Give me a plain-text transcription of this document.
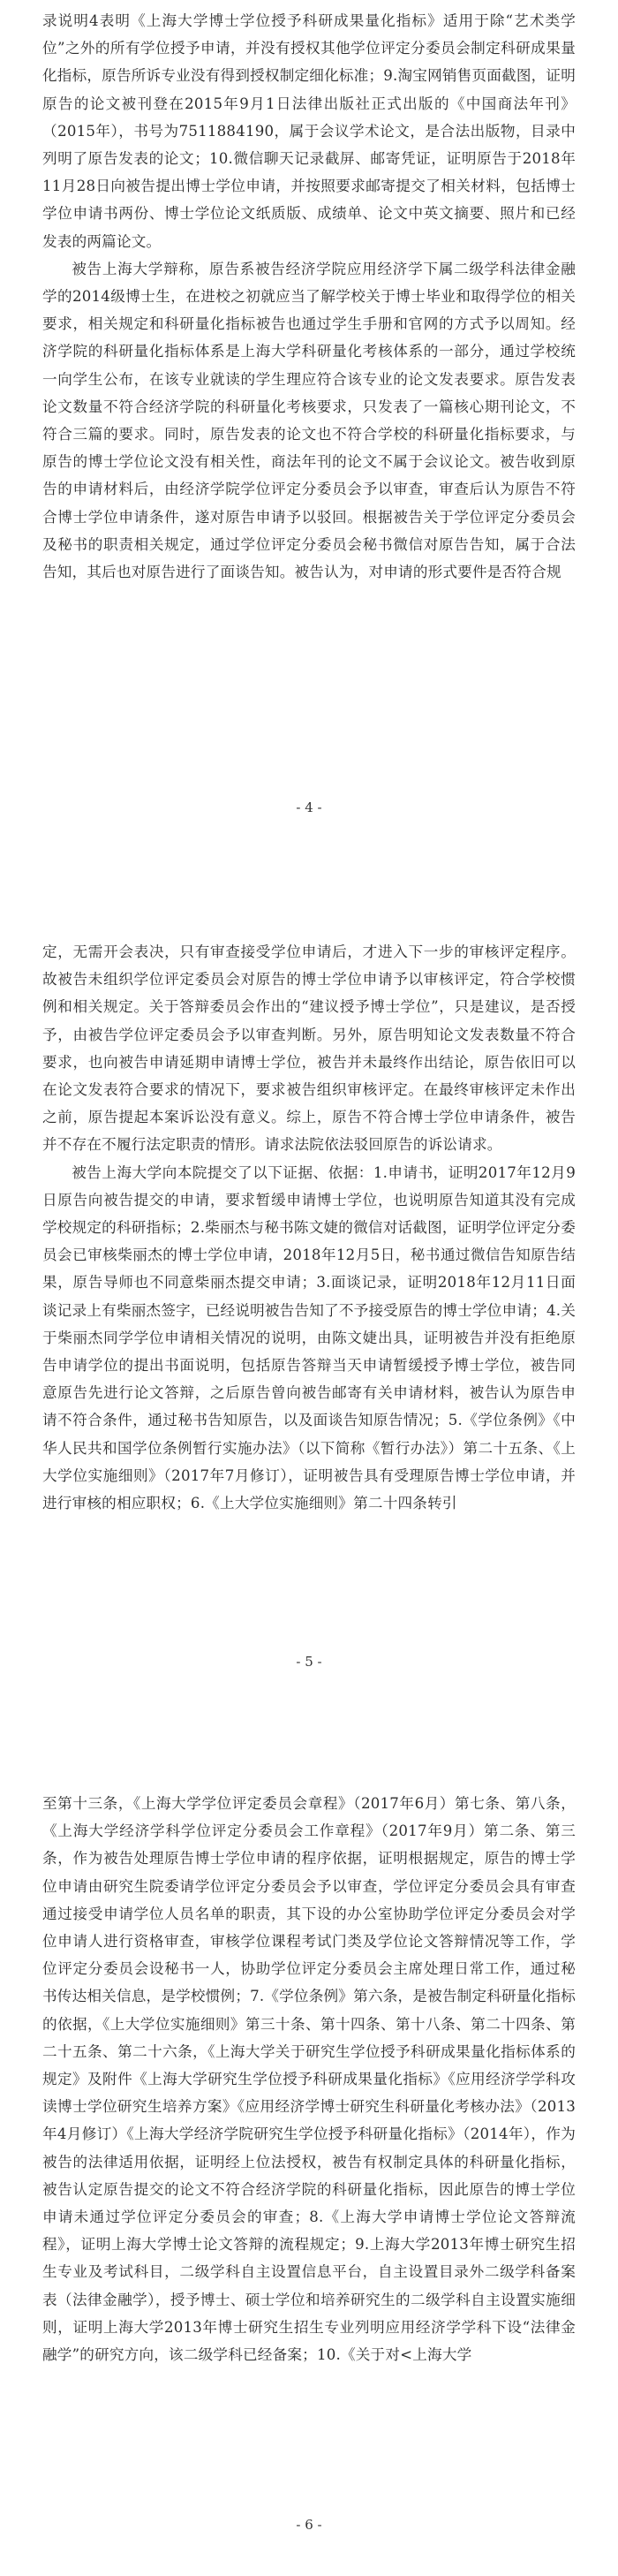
录说明4表明《上海大学博士学位授予科研成果量化指标》适用于除“艺术类学位”之外的所有学位授予申请，并没有授权其他学位评定分委员会制定科研成果量化指标，原告所诉专业没有得到授权制定细化标准；9.淘宝网销售页面截图，证明原告的论文被刊登在2015年9月1日法律出版社正式出版的《中国商法年刊》（2015年），书号为7511884190，属于会议学术论文，是合法出版物，目录中列明了原告发表的论文；10.微信聊天记录截屏、邮寄凭证，证明原告于2018年11月28日向被告提出博士学位申请，并按照要求邮寄提交了相关材料，包括博士学位申请书两份、博士学位论文纸质版、成绩单、论文中英文摘要、照片和已经发表的两篇论文。

被告上海大学辩称，原告系被告经济学院应用经济学下属二级学科法律金融学的2014级博士生，在进校之初就应当了解学校关于博士毕业和取得学位的相关要求，相关规定和科研量化指标被告也通过学生手册和官网的方式予以周知。经济学院的科研量化指标体系是上海大学科研量化考核体系的一部分，通过学校统一向学生公布，在该专业就读的学生理应符合该专业的论文发表要求。原告发表论文数量不符合经济学院的科研量化考核要求，只发表了一篇核心期刊论文，不符合三篇的要求。同时，原告发表的论文也不符合学校的科研量化指标要求，与原告的博士学位论文没有相关性，商法年刊的论文不属于会议论文。被告收到原告的申请材料后，由经济学院学位评定分委员会予以审查，审查后认为原告不符合博士学位申请条件，遂对原告申请予以驳回。根据被告关于学位评定分委员会及秘书的职责相关规定，通过学位评定分委员会秘书微信对原告告知，属于合法告知，其后也对原告进行了面谈告知。被告认为，对申请的形式要件是否符合规

- 4 -

定，无需开会表决，只有审查接受学位申请后，才进入下一步的审核评定程序。故被告未组织学位评定委员会对原告的博士学位申请予以审核评定，符合学校惯例和相关规定。关于答辩委员会作出的“建议授予博士学位”，只是建议，是否授予，由被告学位评定委员会予以审查判断。另外，原告明知论文发表数量不符合要求，也向被告申请延期申请博士学位，被告并未最终作出结论，原告依旧可以在论文发表符合要求的情况下，要求被告组织审核评定。在最终审核评定未作出之前，原告提起本案诉讼没有意义。综上，原告不符合博士学位申请条件，被告并不存在不履行法定职责的情形。请求法院依法驳回原告的诉讼请求。

被告上海大学向本院提交了以下证据、依据：1.申请书，证明2017年12月9日原告向被告提交的申请，要求暂缓申请博士学位，也说明原告知道其没有完成学校规定的科研指标；2.柴丽杰与秘书陈文婕的微信对话截图，证明学位评定分委员会已审核柴丽杰的博士学位申请，2018年12月5日，秘书通过微信告知原告结果，原告导师也不同意柴丽杰提交申请；3.面谈记录，证明2018年12月11日面谈记录上有柴丽杰签字，已经说明被告告知了不予接受原告的博士学位申请；4.关于柴丽杰同学学位申请相关情况的说明，由陈文婕出具，证明被告并没有拒绝原告申请学位的提出书面说明，包括原告答辩当天申请暂缓授予博士学位，被告同意原告先进行论文答辩，之后原告曾向被告邮寄有关申请材料，被告认为原告申请不符合条件，通过秘书告知原告，以及面谈告知原告情况；5.《学位条例》《中华人民共和国学位条例暂行实施办法》（以下简称《暂行办法》）第二十五条、《上大学位实施细则》（2017年7月修订），证明被告具有受理原告博士学位申请，并进行审核的相应职权；6.《上大学位实施细则》第二十四条转引

- 5 -

至第十三条，《上海大学学位评定委员会章程》（2017年6月）第七条、第八条，《上海大学经济学科学位评定分委员会工作章程》（2017年9月）第二条、第三条，作为被告处理原告博士学位申请的程序依据，证明根据规定，原告的博士学位申请由研究生院委请学位评定分委员会予以审查，学位评定分委员会具有审查通过接受申请学位人员名单的职责，其下设的办公室协助学位评定分委员会对学位申请人进行资格审查，审核学位课程考试门类及学位论文答辩情况等工作，学位评定分委员会设秘书一人，协助学位评定分委员会主席处理日常工作，通过秘书传达相关信息，是学校惯例；7.《学位条例》第六条，是被告制定科研量化指标的依据，《上大学位实施细则》第三十条、第十四条、第十八条、第二十四条、第二十五条、第二十六条，《上海大学关于研究生学位授予科研成果量化指标体系的规定》及附件《上海大学研究生学位授予科研成果量化指标》《应用经济学学科攻读博士学位研究生培养方案》《应用经济学博士研究生科研量化考核办法》（2013年4月修订）《上海大学经济学院研究生学位授予科研量化指标》（2014年），作为被告的法律适用依据，证明经上位法授权，被告有权制定具体的科研量化指标，被告认定原告提交的论文不符合经济学院的科研量化指标，因此原告的博士学位申请未通过学位评定分委员会的审查；8.《上海大学申请博士学位论文答辩流程》，证明上海大学博士论文答辩的流程规定；9.上海大学2013年博士研究生招生专业及考试科目，二级学科自主设置信息平台，自主设置目录外二级学科备案表（法律金融学），授予博士、硕士学位和培养研究生的二级学科自主设置实施细则，证明上海大学2013年博士研究生招生专业列明应用经济学学科下设“法律金融学”的研究方向，该二级学科已经备案；10.《关于对<上海大学

- 6 -
